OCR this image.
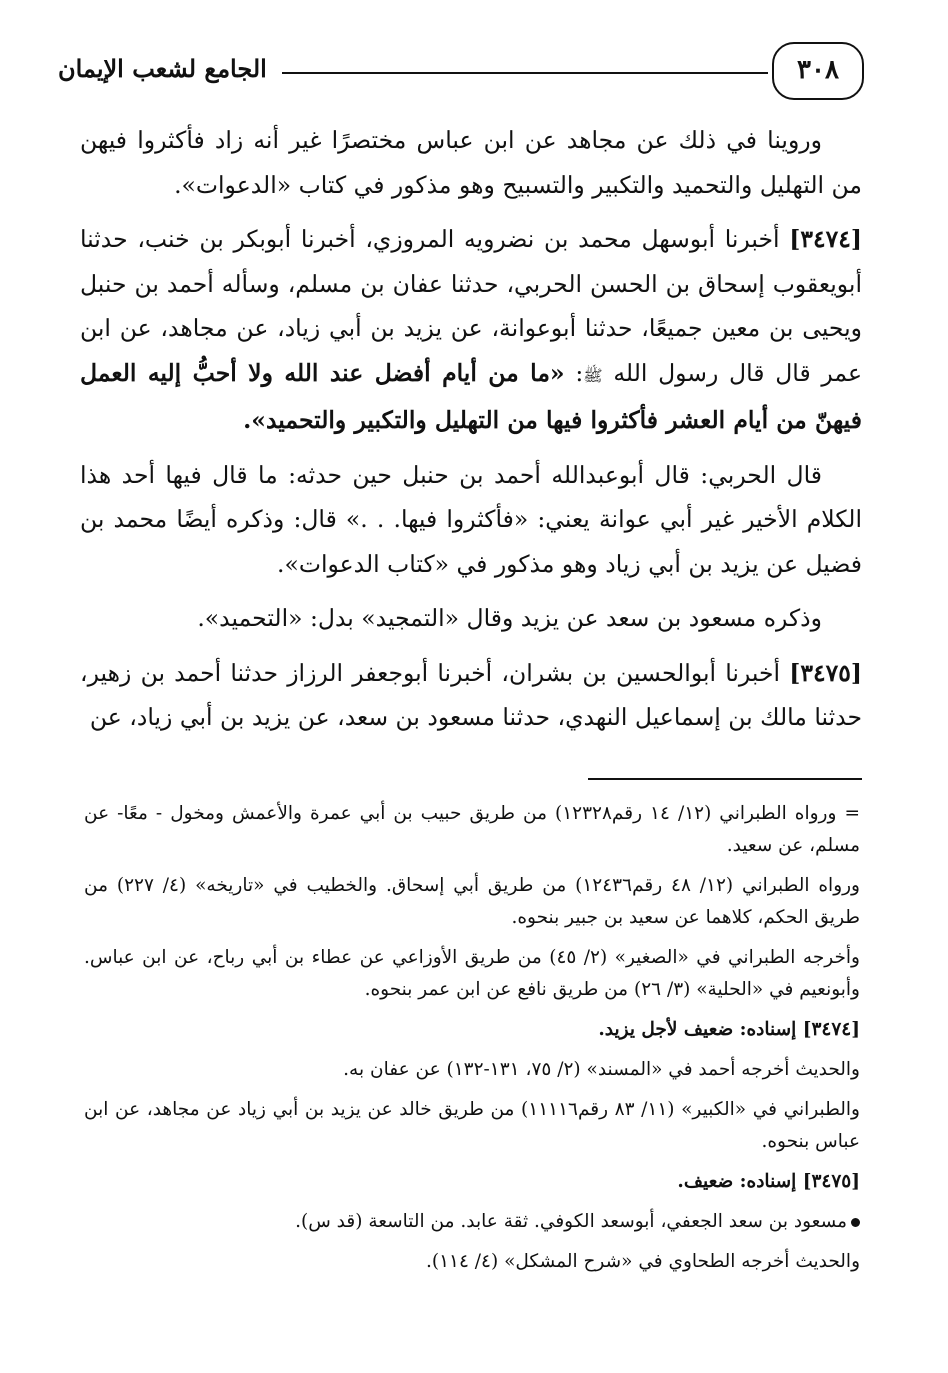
الجامع لشعب الإيمان	٣٠٨

وروينا في ذلك عن مجاهد عن ابن عباس مختصرًا غير أنه زاد فأكثروا فيهن من التهليل والتحميد والتكبير والتسبيح وهو مذكور في كتاب «الدعوات».

[٣٤٧٤] أخبرنا أبوسهل محمد بن نضرويه المروزي، أخبرنا أبوبكر بن خنب، حدثنا أبويعقوب إسحاق بن الحسن الحربي، حدثنا عفان بن مسلم، وسأله أحمد بن حنبل ويحيى بن معين جميعًا، حدثنا أبوعوانة، عن يزيد بن أبي زياد، عن مجاهد، عن ابن عمر قال قال رسول الله ﷺ: «ما من أيام أفضل عند الله ولا أحبُّ إليه العمل فيهنّ من أيام العشر فأكثروا فيها من التهليل والتكبير والتحميد».

قال الحربي: قال أبوعبدالله أحمد بن حنبل حين حدثه: ما قال فيها أحد هذا الكلام الأخير غير أبي عوانة يعني: «فأكثروا فيها. . .» قال: وذكره أيضًا محمد بن فضيل عن يزيد بن أبي زياد وهو مذكور في «كتاب الدعوات».

وذكره مسعود بن سعد عن يزيد وقال «التمجيد» بدل: «التحميد».

[٣٤٧٥] أخبرنا أبوالحسين بن بشران، أخبرنا أبوجعفر الرزاز حدثنا أحمد بن زهير، حدثنا مالك بن إسماعيل النهدي، حدثنا مسعود بن سعد، عن يزيد بن أبي زياد، عن

= ورواه الطبراني (١٢/ ١٤ رقم١٢٣٢٨) من طريق حبيب بن أبي عمرة والأعمش ومخول - معًا- عن مسلم، عن سعيد.

ورواه الطبراني (١٢/ ٤٨ رقم١٢٤٣٦) من طريق أبي إسحاق. والخطيب في «تاريخه» (٤/ ٢٢٧) من طريق الحكم، كلاهما عن سعيد بن جبير بنحوه.

وأخرجه الطبراني في «الصغير» (٢/ ٤٥) من طريق الأوزاعي عن عطاء بن أبي رباح، عن ابن عباس. وأبونعيم في «الحلية» (٣/ ٢٦) من طريق نافع عن ابن عمر بنحوه.

[٣٤٧٤] إسناده: ضعيف لأجل يزيد.

والحديث أخرجه أحمد في «المسند» (٢/ ٧٥، ١٣١-١٣٢) عن عفان به.

والطبراني في «الكبير» (١١/ ٨٣ رقم١١١١٦) من طريق خالد عن يزيد بن أبي زياد عن مجاهد، عن ابن عباس بنحوه.

[٣٤٧٥] إسناده: ضعيف.

مسعود بن سعد الجعفي، أبوسعد الكوفي. ثقة عابد. من التاسعة (قد س).

والحديث أخرجه الطحاوي في «شرح المشكل» (٤/ ١١٤).
